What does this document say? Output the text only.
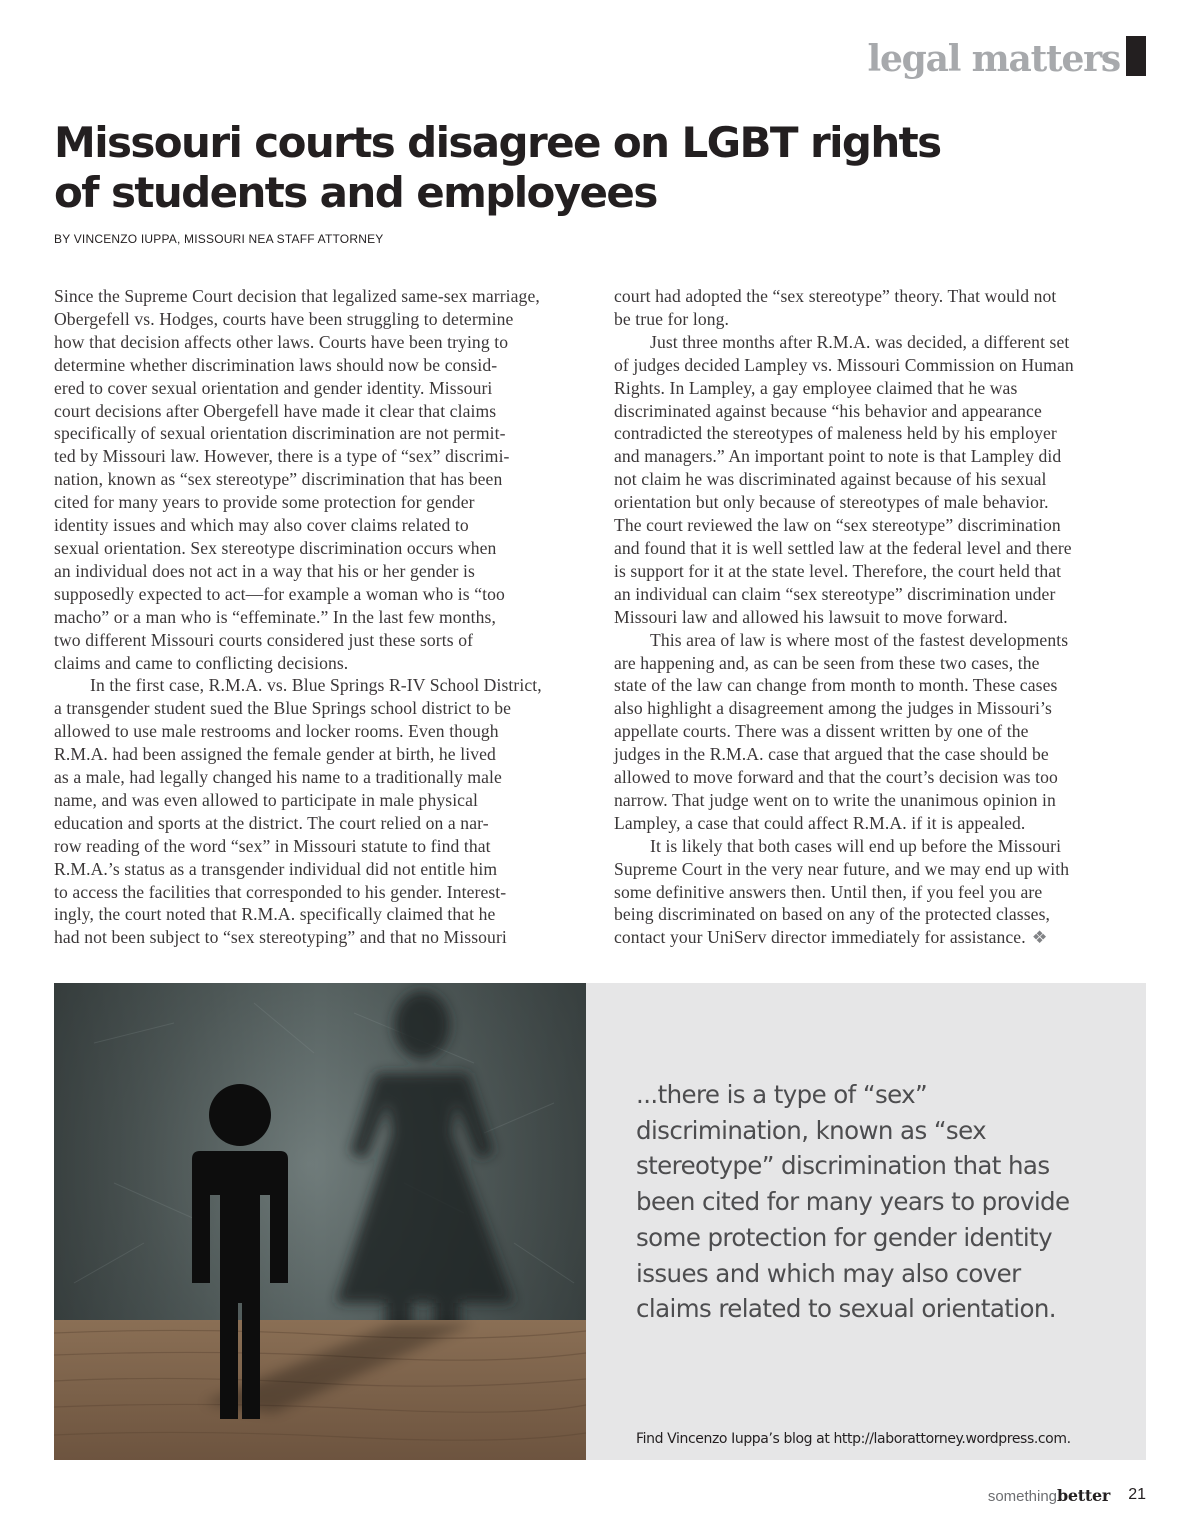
legal matters
Missouri courts disagree on LGBT rights
of students and employees

BY VINCENZO IUPPA, MISSOURI NEA STAFF ATTORNEY

Since the Supreme Court decision that legalized same-sex marriage,
Obergefell vs. Hodges, courts have been struggling to determine
how that decision affects other laws. Courts have been trying to
determine whether discrimination laws should now be consid-
ered to cover sexual orientation and gender identity. Missouri
court decisions after Obergefell have made it clear that claims
specifically of sexual orientation discrimination are not permit-
ted by Missouri law. However, there is a type of “sex” discrimi-
nation, known as “sex stereotype” discrimination that has been
cited for many years to provide some protection for gender
identity issues and which may also cover claims related to
sexual orientation. Sex stereotype discrimination occurs when
an individual does not act in a way that his or her gender is
supposedly expected to act—for example a woman who is “too
macho” or a man who is “effeminate.” In the last few months,
two different Missouri courts considered just these sorts of
claims and came to conflicting decisions.

In the first case, R.M.A. vs. Blue Springs R-IV School District,
a transgender student sued the Blue Springs school district to be
allowed to use male restrooms and locker rooms. Even though
R.M.A. had been assigned the female gender at birth, he lived
as a male, had legally changed his name to a traditionally male
name, and was even allowed to participate in male physical
education and sports at the district. The court relied on a nar-
row reading of the word “sex” in Missouri statute to find that
R.M.A.’s status as a transgender individual did not entitle him
to access the facilities that corresponded to his gender. Interest-
ingly, the court noted that R.M.A. specifically claimed that he
had not been subject to “sex stereotyping” and that no Missouri

court had adopted the “sex stereotype” theory. That would not
be true for long.

Just three months after R.M.A. was decided, a different set
of judges decided Lampley vs. Missouri Commission on Human
Rights. In Lampley, a gay employee claimed that he was
discriminated against because “his behavior and appearance
contradicted the stereotypes of maleness held by his employer
and managers.” An important point to note is that Lampley did
not claim he was discriminated against because of his sexual
orientation but only because of stereotypes of male behavior.
The court reviewed the law on “sex stereotype” discrimination
and found that it is well settled law at the federal level and there
is support for it at the state level. Therefore, the court held that
an individual can claim “sex stereotype” discrimination under
Missouri law and allowed his lawsuit to move forward.

This area of law is where most of the fastest developments
are happening and, as can be seen from these two cases, the
state of the law can change from month to month. These cases
also highlight a disagreement among the judges in Missouri’s
appellate courts. There was a dissent written by one of the
judges in the R.M.A. case that argued that the case should be
allowed to move forward and that the court’s decision was too
narrow. That judge went on to write the unanimous opinion in
Lampley, a case that could affect R.M.A. if it is appealed.

It is likely that both cases will end up before the Missouri
Supreme Court in the very near future, and we may end up with
some definitive answers then. Until then, if you feel you are
being discriminated on based on any of the protected classes,
contact your UniServ director immediately for assistance. ❖

...there is a type of “sex”
discrimination, known as “sex
stereotype” discrimination that has
been cited for many years to provide
some protection for gender identity
issues and which may also cover
claims related to sexual orientation.

Find Vincenzo Iuppa’s blog at http://laborattorney.wordpress.com.

somethingbetter 21
